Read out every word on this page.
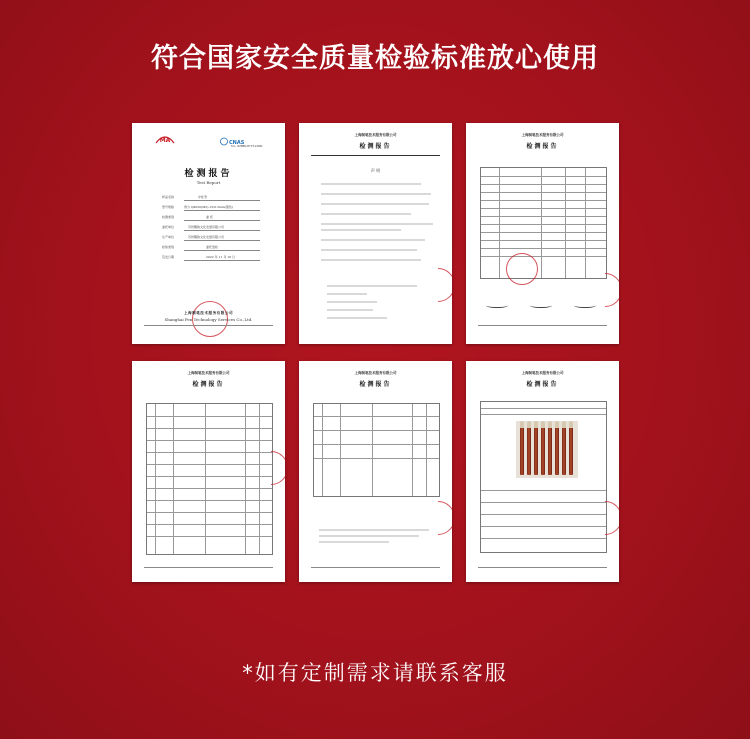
符合国家安全质量检验标准放心使用
MA	CNAS
No. SHBK-WTT-2000
检测报告
Test Report
样品名称	中性笔
型号规格	得力 Q9620(M2)-15/0.5mm(黑色)
检测类别	委 托
委托单位	苏州馨韵文化发展有限公司
生产单位	苏州馨韵文化发展有限公司
检验类别	委托送检
签发日期	2022 年 11 月 18 日
上海制笔技术服务有限公司
Shanghai Pen Technology Services Co.,Ltd.
上海制笔技术服务有限公司
检测报告
声 明
上海制笔技术服务有限公司
检测报告
上海制笔技术服务有限公司
检测报告
上海制笔技术服务有限公司
检测报告
上海制笔技术服务有限公司
检测报告
*如有定制需求请联系客服
